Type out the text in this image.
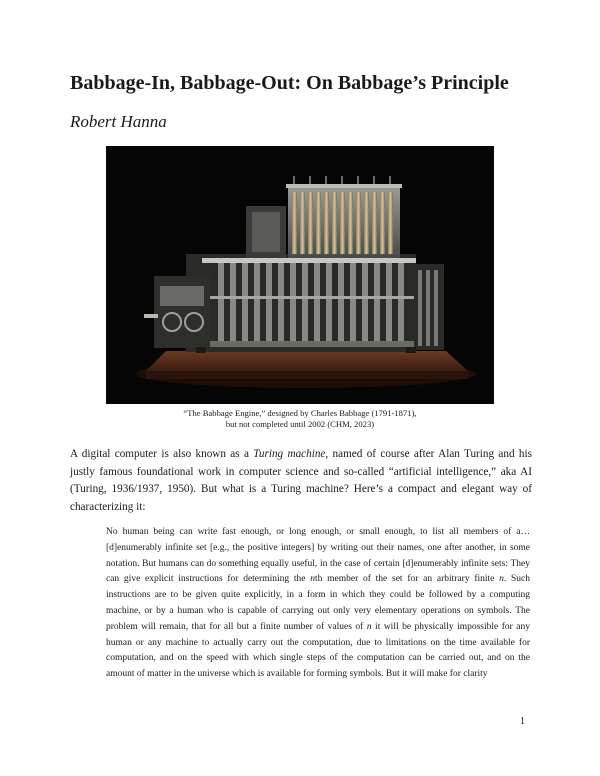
Babbage-In, Babbage-Out: On Babbage’s Principle

Robert Hanna

“The Babbage Engine,” designed by Charles Babbage (1791-1871),
but not completed until 2002 (CHM, 2023)

A digital computer is also known as a Turing machine, named of course after Alan Turing and his justly famous foundational work in computer science and so-called “artificial intelligence,” aka AI (Turing, 1936/1937, 1950). But what is a Turing machine? Here’s a compact and elegant way of characterizing it:

No human being can write fast enough, or long enough, or small enough, to list all members of a… [d]enumerably infinite set [e.g., the positive integers] by writing out their names, one after another, in some notation. But humans can do something equally useful, in the case of certain [d]enumerably infinite sets: They can give explicit instructions for determining the nth member of the set for an arbitrary finite n. Such instructions are to be given quite explicitly, in a form in which they could be followed by a computing machine, or by a human who is capable of carrying out only very elementary operations on symbols. The problem will remain, that for all but a finite number of values of n it will be physically impossible for any human or any machine to actually carry out the computation, due to limitations on the time available for computation, and on the speed with which single steps of the computation can be carried out, and on the amount of matter in the universe which is available for forming symbols. But it will make for clarity

1
